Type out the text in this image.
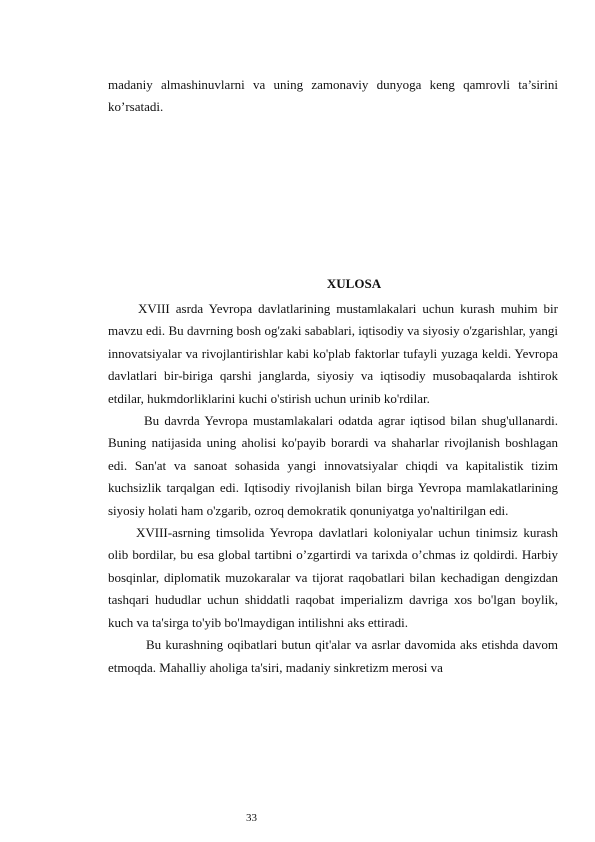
madaniy almashinuvlarni va uning zamonaviy dunyoga keng qamrovli ta’sirini ko’rsatadi.
XULOSA

XVIII asrda Yevropa davlatlarining mustamlakalari uchun kurash muhim bir mavzu edi. Bu davrning bosh og'zaki sabablari, iqtisodiy va siyosiy o'zgarishlar, yangi innovatsiyalar va rivojlantirishlar kabi ko'plab faktorlar tufayli yuzaga keldi. Yevropa davlatlari bir-biriga qarshi janglarda, siyosiy va iqtisodiy musobaqalarda ishtirok etdilar, hukmdorliklarini kuchi o'stirish uchun urinib ko'rdilar.

Bu davrda Yevropa mustamlakalari odatda agrar iqtisod bilan shug'ullanardi. Buning natijasida uning aholisi ko'payib borardi va shaharlar rivojlanish boshlagan edi. San'at va sanoat sohasida yangi innovatsiyalar chiqdi va kapitalistik tizim kuchsizlik tarqalgan edi. Iqtisodiy rivojlanish bilan birga Yevropa mamlakatlarining siyosiy holati ham o'zgarib, ozroq demokratik qonuniyatga yo'naltirilgan edi.

XVIII-asrning timsolida Yevropa davlatlari koloniyalar uchun tinimsiz kurash olib bordilar, bu esa global tartibni o’zgartirdi va tarixda o’chmas iz qoldirdi. Harbiy bosqinlar, diplomatik muzokaralar va tijorat raqobatlari bilan kechadigan dengizdan tashqari hududlar uchun shiddatli raqobat imperializm davriga xos bo'lgan boylik, kuch va ta'sirga to'yib bo'lmaydigan intilishni aks ettiradi.

Bu kurashning oqibatlari butun qit'alar va asrlar davomida aks etishda davom etmoqda. Mahalliy aholiga ta'siri, madaniy sinkretizm merosi va

33
